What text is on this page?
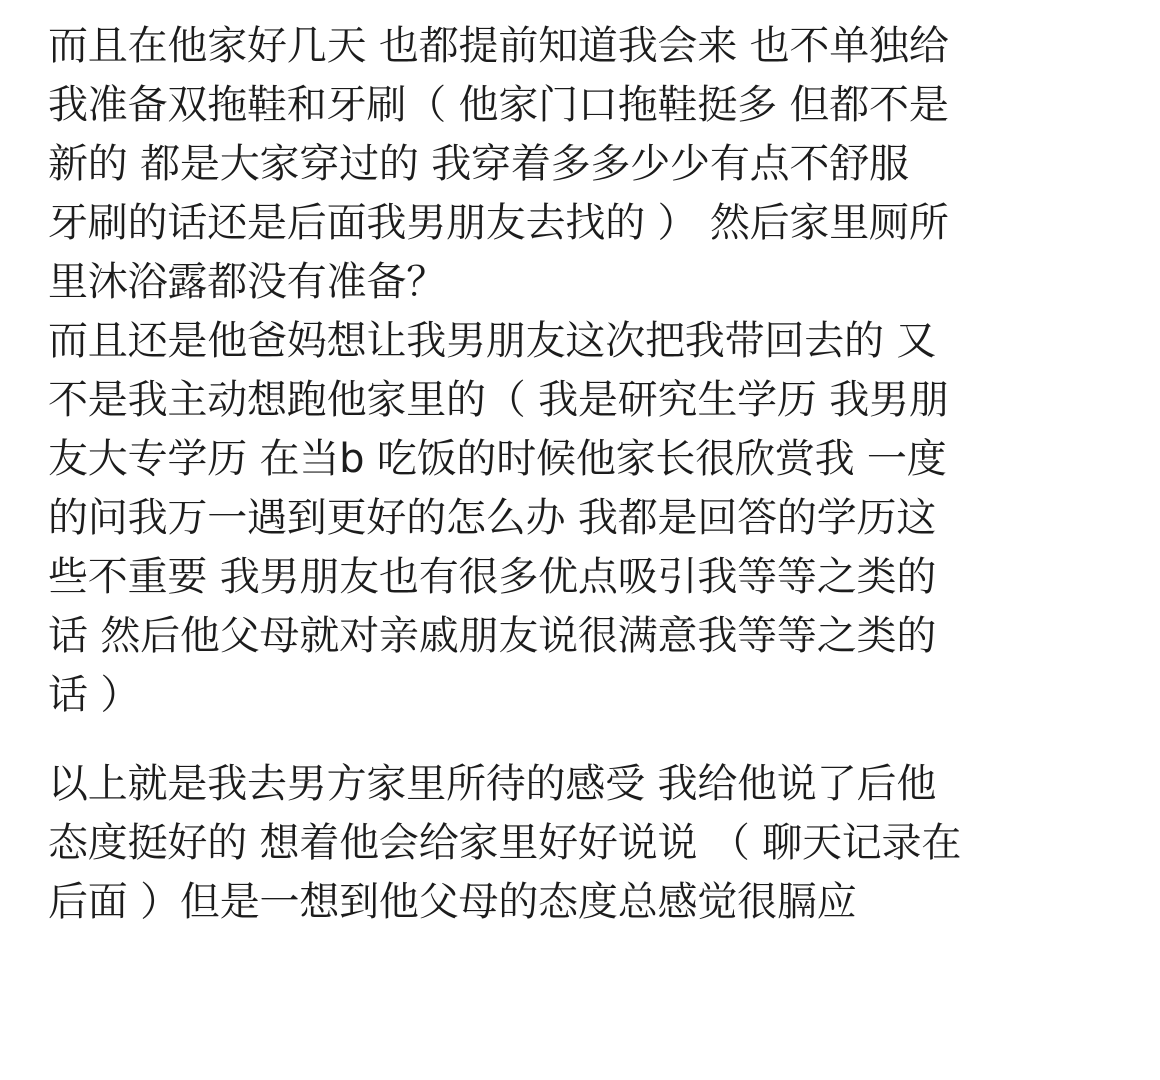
而且在他家好几天 也都提前知道我会来 也不单独给
我准备双拖鞋和牙刷（ 他家门口拖鞋挺多 但都不是
新的 都是大家穿过的 我穿着多多少少有点不舒服
牙刷的话还是后面我男朋友去找的 ） 然后家里厕所
里沐浴露都没有准备？
而且还是他爸妈想让我男朋友这次把我带回去的 又
不是我主动想跑他家里的（ 我是研究生学历 我男朋
友大专学历 在当b 吃饭的时候他家长很欣赏我 一度
的问我万一遇到更好的怎么办 我都是回答的学历这
些不重要 我男朋友也有很多优点吸引我等等之类的
话 然后他父母就对亲戚朋友说很满意我等等之类的
话 ）
以上就是我去男方家里所待的感受 我给他说了后他
态度挺好的 想着他会给家里好好说说 （ 聊天记录在
后面 ）但是一想到他父母的态度总感觉很膈应
